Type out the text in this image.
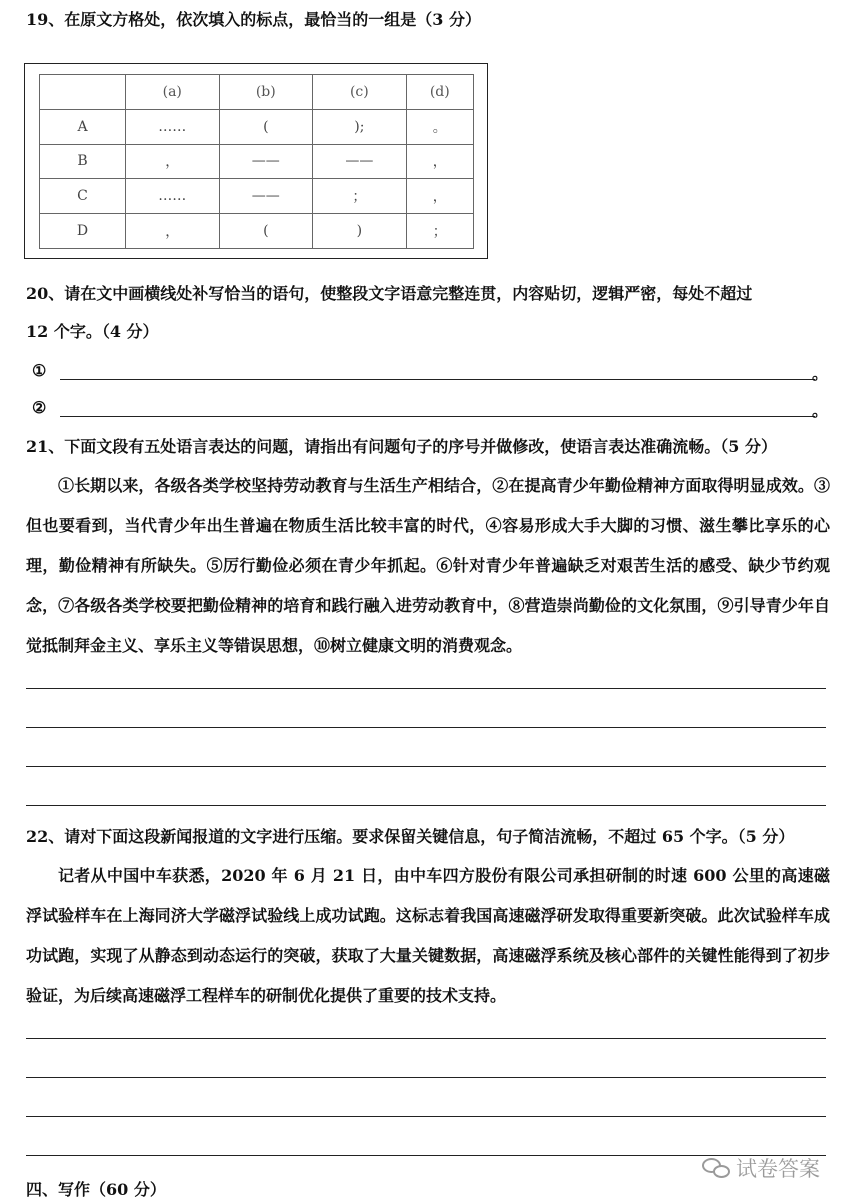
19、在原文方格处，依次填入的标点，最恰当的一组是（3 分）
	(a)	(b)	(c)	(d)
A	……	(	);	。
B	，	——	——	，
C	……	——	；	，
D	，	(	)	；
20、请在文中画横线处补写恰当的语句，使整段文字语意完整连贯，内容贴切，逻辑严密，每处不超过
12 个字。（4 分）
①	。
②	。
21、下面文段有五处语言表达的问题，请指出有问题句子的序号并做修改，使语言表达准确流畅。（5 分）
①长期以来，各级各类学校坚持劳动教育与生活生产相结合，②在提高青少年勤俭精神方面取得明显成效。③但也要看到，当代青少年出生普遍在物质生活比较丰富的时代，④容易形成大手大脚的习惯、滋生攀比享乐的心理，勤俭精神有所缺失。⑤厉行勤俭必须在青少年抓起。⑥针对青少年普遍缺乏对艰苦生活的感受、缺少节约观念，⑦各级各类学校要把勤俭精神的培育和践行融入进劳动教育中，⑧营造崇尚勤俭的文化氛围，⑨引导青少年自觉抵制拜金主义、享乐主义等错误思想，⑩树立健康文明的消费观念。
22、请对下面这段新闻报道的文字进行压缩。要求保留关键信息，句子简洁流畅，不超过 65 个字。（5 分）
记者从中国中车获悉，2020 年 6 月 21 日，由中车四方股份有限公司承担研制的时速 600 公里的高速磁浮试验样车在上海同济大学磁浮试验线上成功试跑。这标志着我国高速磁浮研发取得重要新突破。此次试验样车成功试跑，实现了从静态到动态运行的突破，获取了大量关键数据，高速磁浮系统及核心部件的关键性能得到了初步验证，为后续高速磁浮工程样车的研制优化提供了重要的技术支持。
四、写作（60 分）
试卷答案
